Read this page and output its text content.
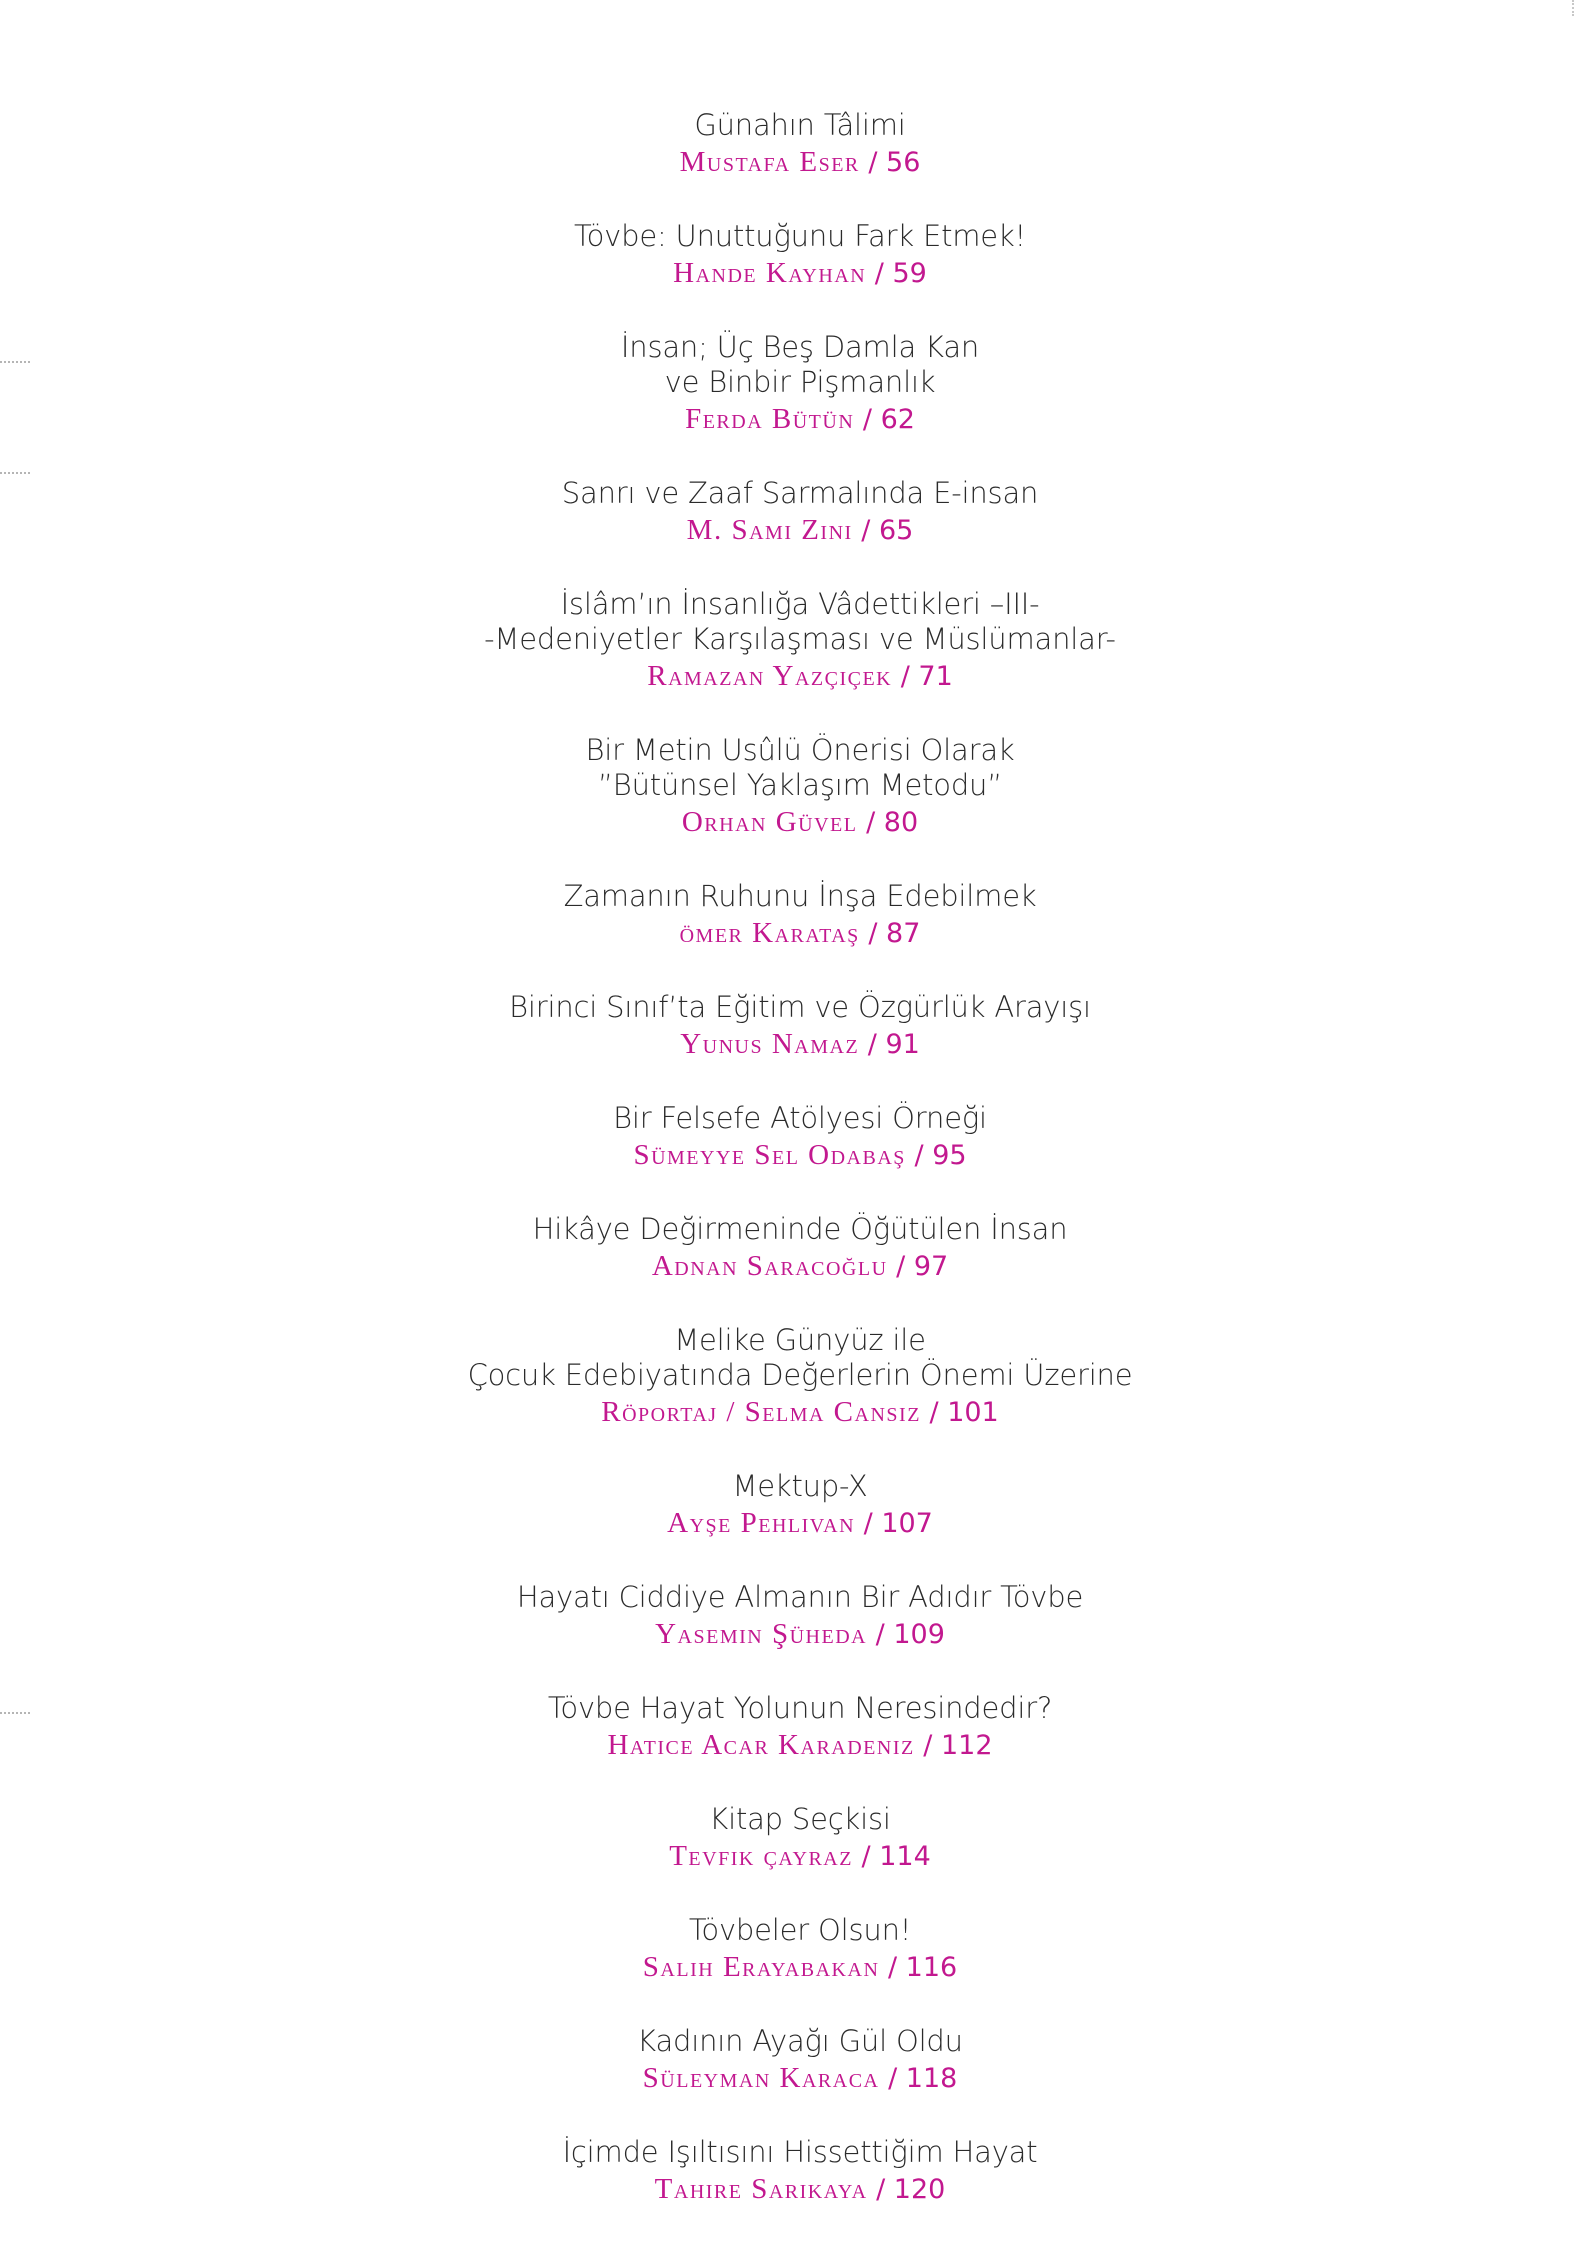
Günahın Tâlimi
Mustafa Eser / 56
Tövbe: Unuttuğunu Fark Etmek!
Hande Kayhan / 59
İnsan; Üç Beş Damla Kan
ve Binbir Pişmanlık
Ferda Bütün / 62
Sanrı ve Zaaf Sarmalında E-insan
M. Sami Zini / 65
İslâm’ın İnsanlığa Vâdettikleri –III-
-Medeniyetler Karşılaşması ve Müslümanlar-
Ramazan Yazçiçek / 71
Bir Metin Usûlü Önerisi Olarak
”Bütünsel Yaklaşım Metodu”
Orhan Güvel / 80
Zamanın Ruhunu İnşa Edebilmek
ömer Karataş / 87
Birinci Sınıf’ta Eğitim ve Özgürlük Arayışı
Yunus Namaz / 91
Bir Felsefe Atölyesi Örneği
Sümeyye Sel Odabaş / 95
Hikâye Değirmeninde Öğütülen İnsan
Adnan Saracoğlu / 97
Melike Günyüz ile
Çocuk Edebiyatında Değerlerin Önemi Üzerine
Röportaj / Selma Cansız / 101
Mektup-X
Ayşe Pehlivan / 107
Hayatı Ciddiye Almanın Bir Adıdır Tövbe
Yasemin Şüheda / 109
Tövbe Hayat Yolunun Neresindedir?
Hatice Acar Karadeniz / 112
Kitap Seçkisi
Tevfik çayraz / 114
Tövbeler Olsun!
Salih Erayabakan / 116
Kadının Ayağı Gül Oldu
Süleyman Karaca / 118
İçimde Işıltısını Hissettiğim Hayat
Tahire Sarıkaya / 120
